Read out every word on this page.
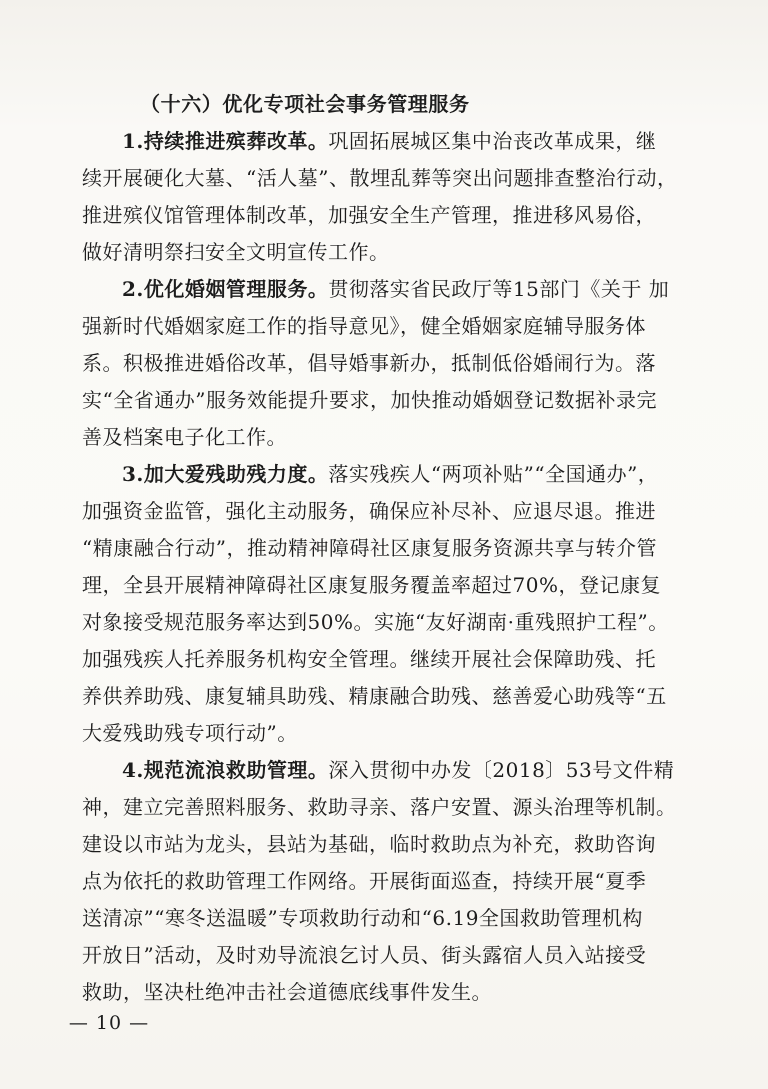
（十六）优化专项社会事务管理服务

1.持续推进殡葬改革。巩固拓展城区集中治丧改革成果，继
续开展硬化大墓、“活人墓”、散埋乱葬等突出问题排查整治行动，
推进殡仪馆管理体制改革，加强安全生产管理，推进移风易俗，
做好清明祭扫安全文明宣传工作。
2.优化婚姻管理服务。贯彻落实省民政厅等15部门《关于 加
强新时代婚姻家庭工作的指导意见》，健全婚姻家庭辅导服务体
系。积极推进婚俗改革，倡导婚事新办，抵制低俗婚闹行为。落
实“全省通办”服务效能提升要求，加快推动婚姻登记数据补录完
善及档案电子化工作。
3.加大爱残助残力度。落实残疾人“两项补贴”“全国通办”，
加强资金监管，强化主动服务，确保应补尽补、应退尽退。推进
“精康融合行动”，推动精神障碍社区康复服务资源共享与转介管
理，全县开展精神障碍社区康复服务覆盖率超过70%，登记康复
对象接受规范服务率达到50%。实施“友好湖南·重残照护工程”。
加强残疾人托养服务机构安全管理。继续开展社会保障助残、托
养供养助残、康复辅具助残、精康融合助残、慈善爱心助残等“五
大爱残助残专项行动”。
4.规范流浪救助管理。深入贯彻中办发〔2018〕53号文件精
神，建立完善照料服务、救助寻亲、落户安置、源头治理等机制。
建设以市站为龙头，县站为基础，临时救助点为补充，救助咨询
点为依托的救助管理工作网络。开展街面巡查，持续开展“夏季
送清凉”“寒冬送温暖”专项救助行动和“6.19全国救助管理机构
开放日”活动，及时劝导流浪乞讨人员、街头露宿人员入站接受
救助，坚决杜绝冲击社会道德底线事件发生。
— 10 —
